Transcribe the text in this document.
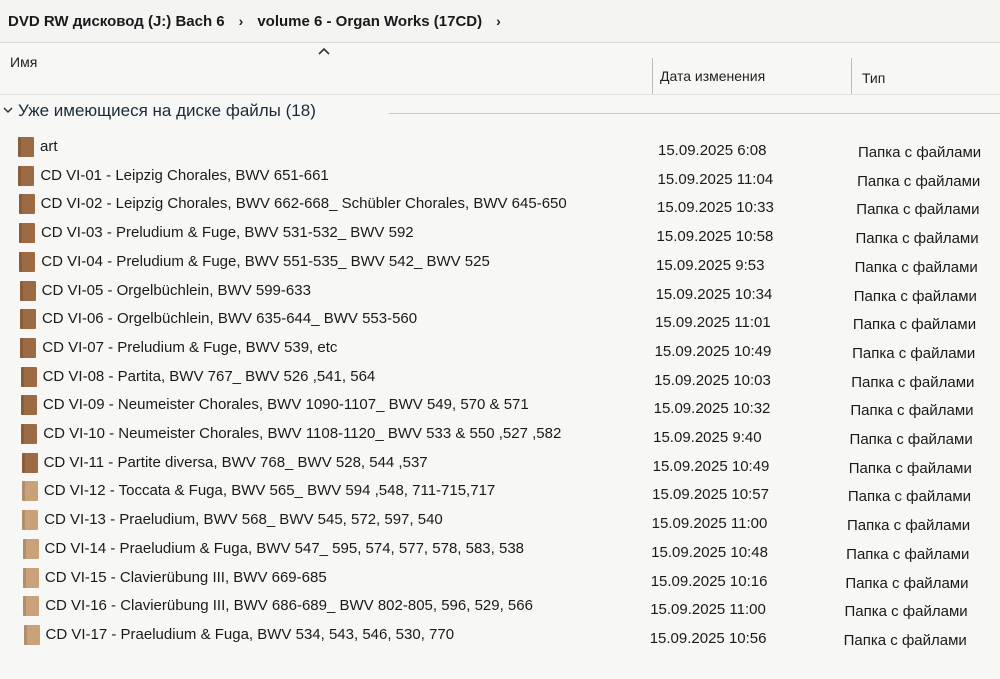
DVD RW дисковод (J:) Bach 6	› volume 6 - Organ Works (17CD)	›
Имя
Дата изменения	Тип
Уже имеющиеся на диске файлы (18)
art	15.09.2025 6:08	Папка с файлами
CD VI-01 - Leipzig Chorales, BWV 651-661	15.09.2025 11:04	Папка с файлами
CD VI-02 - Leipzig Chorales, BWV 662-668_ Schübler Chorales, BWV 645-650	15.09.2025 10:33	Папка с файлами
CD VI-03 - Preludium & Fuge, BWV 531-532_ BWV 592	15.09.2025 10:58	Папка с файлами
CD VI-04 - Preludium & Fuge, BWV 551-535_ BWV 542_ BWV 525	15.09.2025 9:53	Папка с файлами
CD VI-05 - Orgelbüchlein, BWV 599-633	15.09.2025 10:34	Папка с файлами
CD VI-06 - Orgelbüchlein, BWV 635-644_ BWV 553-560	15.09.2025 11:01	Папка с файлами
CD VI-07 - Preludium & Fuge, BWV 539, etc	15.09.2025 10:49	Папка с файлами
CD VI-08 - Partita, BWV 767_ BWV 526 ,541, 564	15.09.2025 10:03	Папка с файлами
CD VI-09 - Neumeister Chorales, BWV 1090-1107_ BWV 549, 570 & 571	15.09.2025 10:32	Папка с файлами
CD VI-10 - Neumeister Chorales, BWV 1108-1120_ BWV 533 & 550 ,527 ,582	15.09.2025 9:40	Папка с файлами
CD VI-11 - Partite diversa, BWV 768_ BWV 528, 544 ,537	15.09.2025 10:49	Папка с файлами
CD VI-12 - Toccata & Fuga, BWV 565_ BWV 594 ,548, 711-715,717	15.09.2025 10:57	Папка с файлами
CD VI-13 - Praeludium, BWV 568_ BWV 545, 572, 597, 540	15.09.2025 11:00	Папка с файлами
CD VI-14 - Praeludium & Fuga, BWV 547_ 595, 574, 577, 578, 583, 538	15.09.2025 10:48	Папка с файлами
CD VI-15 - Clavierübung III, BWV 669-685	15.09.2025 10:16	Папка с файлами
CD VI-16 - Clavierübung III, BWV 686-689_ BWV 802-805, 596, 529, 566	15.09.2025 11:00	Папка с файлами
CD VI-17 - Praeludium & Fuga, BWV 534, 543, 546, 530, 770	15.09.2025 10:56	Папка с файлами
